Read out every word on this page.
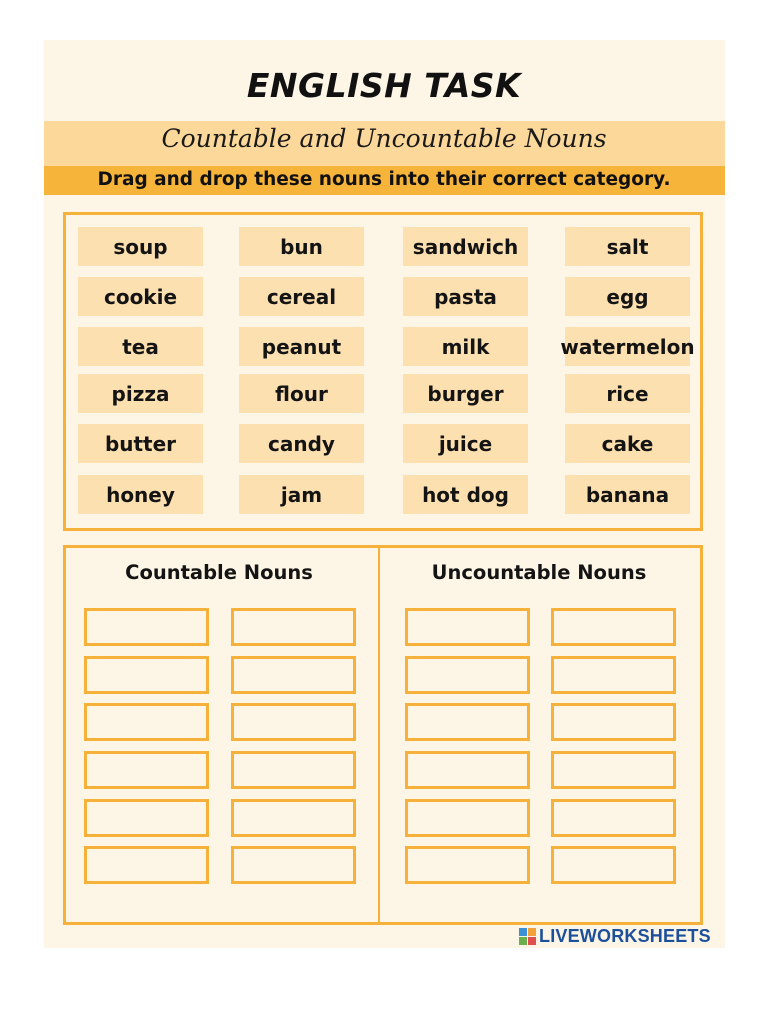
ENGLISH TASK
Countable and Uncountable Nouns
Drag and drop these nouns into their correct category.
soup	bun	sandwich	salt
cookie	cereal	pasta	egg
tea	peanut	milk	watermelon
pizza	flour	burger	rice
butter	candy	juice	cake
honey	jam	hot dog	banana
Countable Nouns	Uncountable Nouns
LIVEWORKSHEETS
